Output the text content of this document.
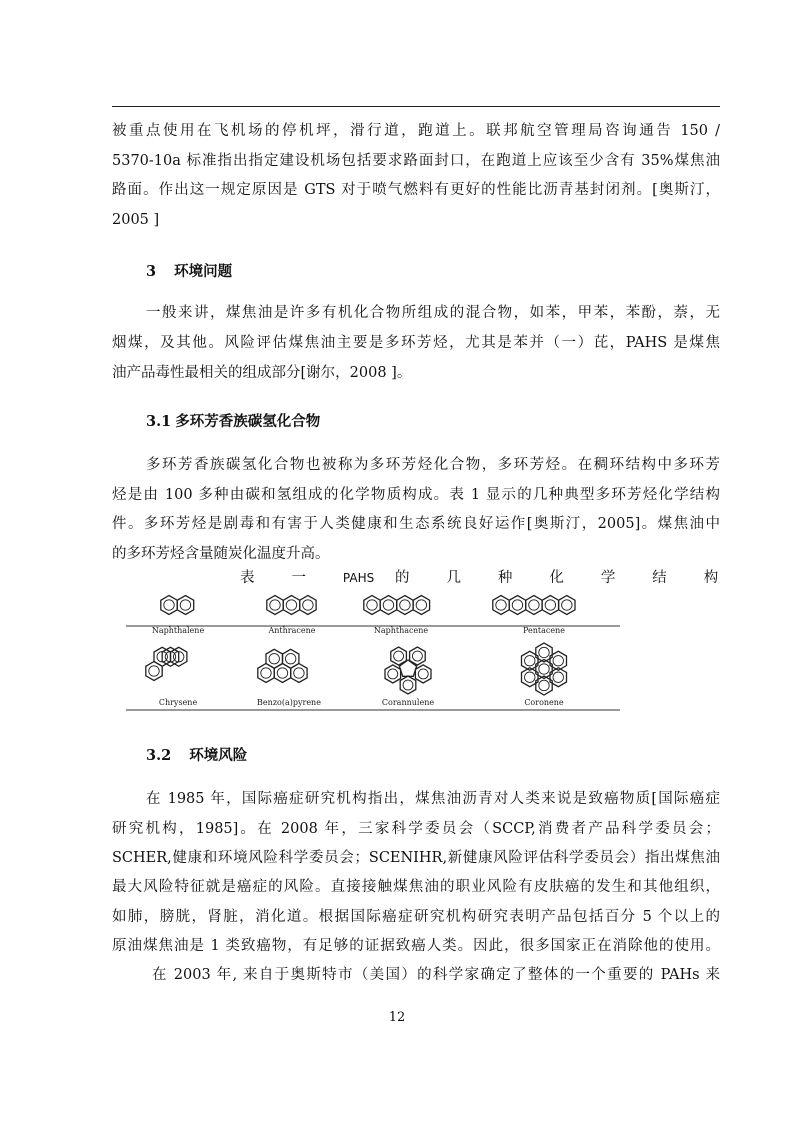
被重点使用在飞机场的停机坪，滑行道，跑道上。联邦航空管理局咨询通告 150 /
5370-10a 标准指出指定建设机场包括要求路面封口，在跑道上应该至少含有 35%煤焦油
路面。作出这一规定原因是 GTS 对于喷气燃料有更好的性能比沥青基封闭剂。[奥斯汀，
2005 ]
3 环境问题
一般来讲，煤焦油是许多有机化合物所组成的混合物，如苯，甲苯，苯酚，萘，无
烟煤，及其他。风险评估煤焦油主要是多环芳烃，尤其是苯并（一）芘，PAHS 是煤焦
油产品毒性最相关的组成部分[谢尔，2008 ]。
3.1 多环芳香族碳氢化合物
多环芳香族碳氢化合物也被称为多环芳烃化合物，多环芳烃。在稠环结构中多环芳
烃是由 100 多种由碳和氢组成的化学物质构成。表 1 显示的几种典型多环芳烃化学结构
件。多环芳烃是剧毒和有害于人类健康和生态系统良好运作[奥斯汀，2005]。煤焦油中
的多环芳烃含量随炭化温度升高。
表 一 PAHS 的 几 种 化 学 结 构
Naphthalene	Anthracene	Naphthacene	Pentacene
Chrysene	Benzo(a)pyrene	Corannulene	Coronene
3.2 环境风险
在 1985 年，国际癌症研究机构指出，煤焦油沥青对人类来说是致癌物质[国际癌症
研究机构，1985]。在 2008 年，三家科学委员会（SCCP,消费者产品科学委员会；
SCHER,健康和环境风险科学委员会；SCENIHR,新健康风险评估科学委员会）指出煤焦油
最大风险特征就是癌症的风险。直接接触煤焦油的职业风险有皮肤癌的发生和其他组织，
如肺，膀胱，肾脏，消化道。根据国际癌症研究机构研究表明产品包括百分 5 个以上的
原油煤焦油是 1 类致癌物，有足够的证据致癌人类。因此，很多国家正在消除他的使用。
在 2003 年, 来自于奥斯特市（美国）的科学家确定了整体的一个重要的 PAHs 来
12
